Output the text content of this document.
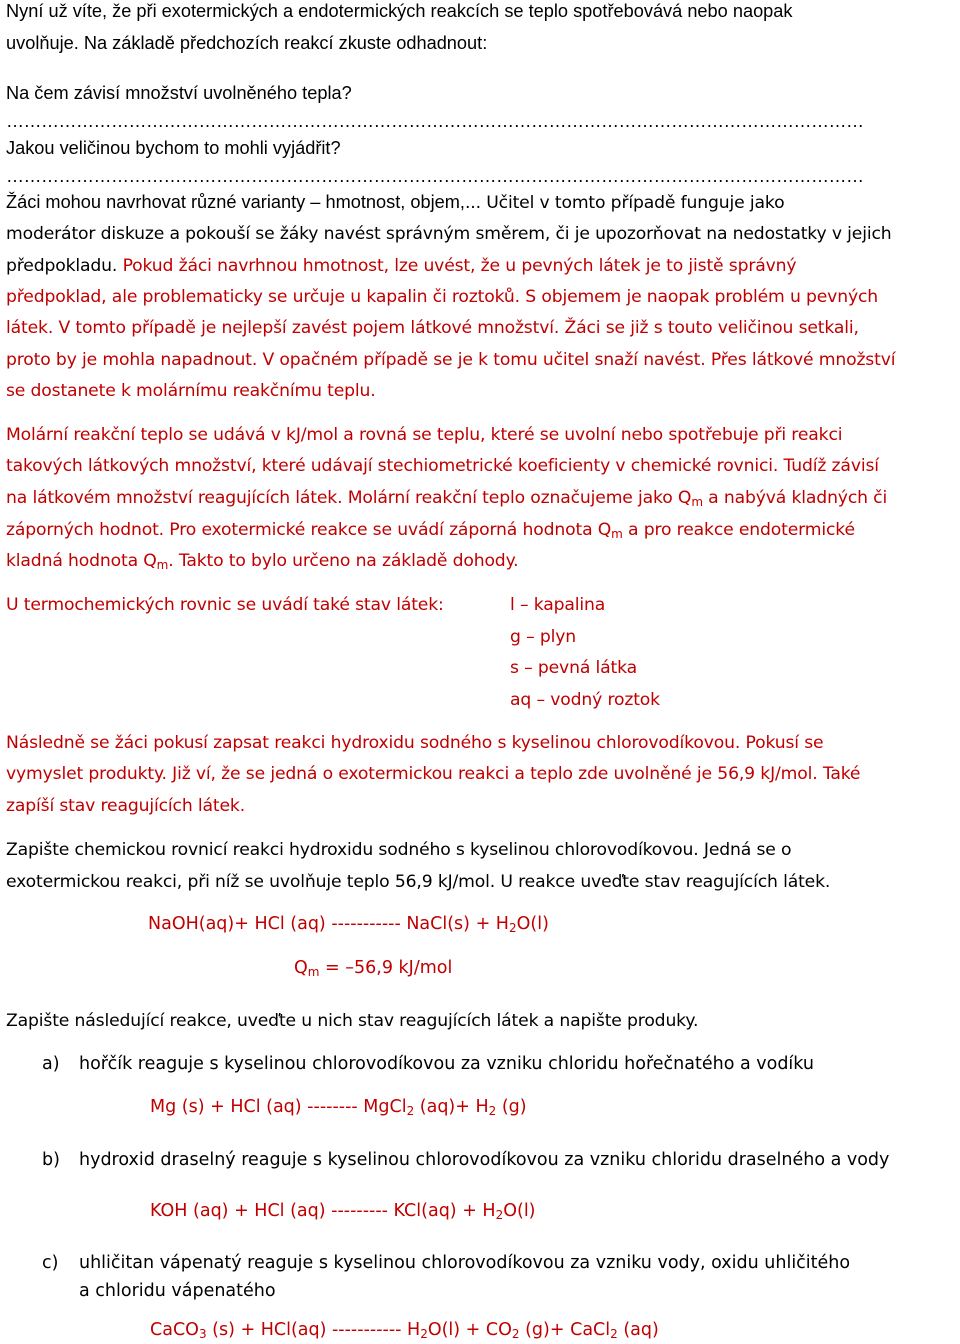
Nyní už víte, že při exotermických a endotermických reakcích se teplo spotřebovává nebo naopak
uvolňuje. Na základě předchozích reakcí zkuste odhadnout:
Na čem závisí množství uvolněného tepla?
…………………………………………………………………………………………………………………………………
Jakou veličinou bychom to mohli vyjádřit?
…………………………………………………………………………………………………………………………………
Žáci mohou navrhovat různé varianty – hmotnost, objem,... Učitel v tomto případě funguje jako
moderátor diskuze a pokouší se žáky navést správným směrem, či je upozorňovat na nedostatky v jejich
předpokladu. Pokud žáci navrhnou hmotnost, lze uvést, že u pevných látek je to jistě správný
předpoklad, ale problematicky se určuje u kapalin či roztoků. S objemem je naopak problém u pevných
látek. V tomto případě je nejlepší zavést pojem látkové množství. Žáci se již s touto veličinou setkali,
proto by je mohla napadnout. V opačném případě se je k tomu učitel snaží navést. Přes látkové množství
se dostanete k molárnímu reakčnímu teplu.
Molární reakční teplo se udává v kJ/mol a rovná se teplu, které se uvolní nebo spotřebuje při reakci
takových látkových množství, které udávají stechiometrické koeficienty v chemické rovnici. Tudíž závisí
na látkovém množství reagujících látek. Molární reakční teplo označujeme jako $Q_m$ a nabývá kladných či
záporných hodnot. Pro exotermické reakce se uvádí záporná hodnota $Q_m$ a pro reakce endotermické
kladná hodnota $Q_m$. Takto to bylo určeno na základě dohody.
U termochemických rovnic se uvádí také stav látek:	l – kapalina
g – plyn
s – pevná látka
aq – vodný roztok
Následně se žáci pokusí zapsat reakci hydroxidu sodného s kyselinou chlorovodíkovou. Pokusí se
vymyslet produkty. Již ví, že se jedná o exotermickou reakci a teplo zde uvolněné je 56,9 kJ/mol. Také
zapíší stav reagujících látek.
Zapište chemickou rovnicí reakci hydroxidu sodného s kyselinou chlorovodíkovou. Jedná se o
exotermickou reakci, při níž se uvolňuje teplo 56,9 kJ/mol. U reakce uveďte stav reagujících látek.
NaOH(aq)+ HCl (aq) ----------- NaCl(s) + $H_2O(l)$
$Q_m = -56,9$ kJ/mol
Zapište následující reakce, uveďte u nich stav reagujících látek a napište produky.
a) hořčík reaguje s kyselinou chlorovodíkovou za vzniku chloridu hořečnatého a vodíku
Mg (s) + HCl (aq) -------- MgCl$_2$ $(aq)+ H_2$ (g)
b) hydroxid draselný reaguje s kyselinou chlorovodíkovou za vzniku chloridu draselného a vody
KOH (aq) + HCl (aq) --------- $KCl(aq) + H_2O(l)$
c) uhličitan vápenatý reaguje s kyselinou chlorovodíkovou za vzniku vody, oxidu uhličitého
a chloridu vápenatého
CaCO$_3$ (s) + HCl(aq) ----------- $H_2O(l) + CO_2$ (g)+ CaCl$_2$ (aq)
